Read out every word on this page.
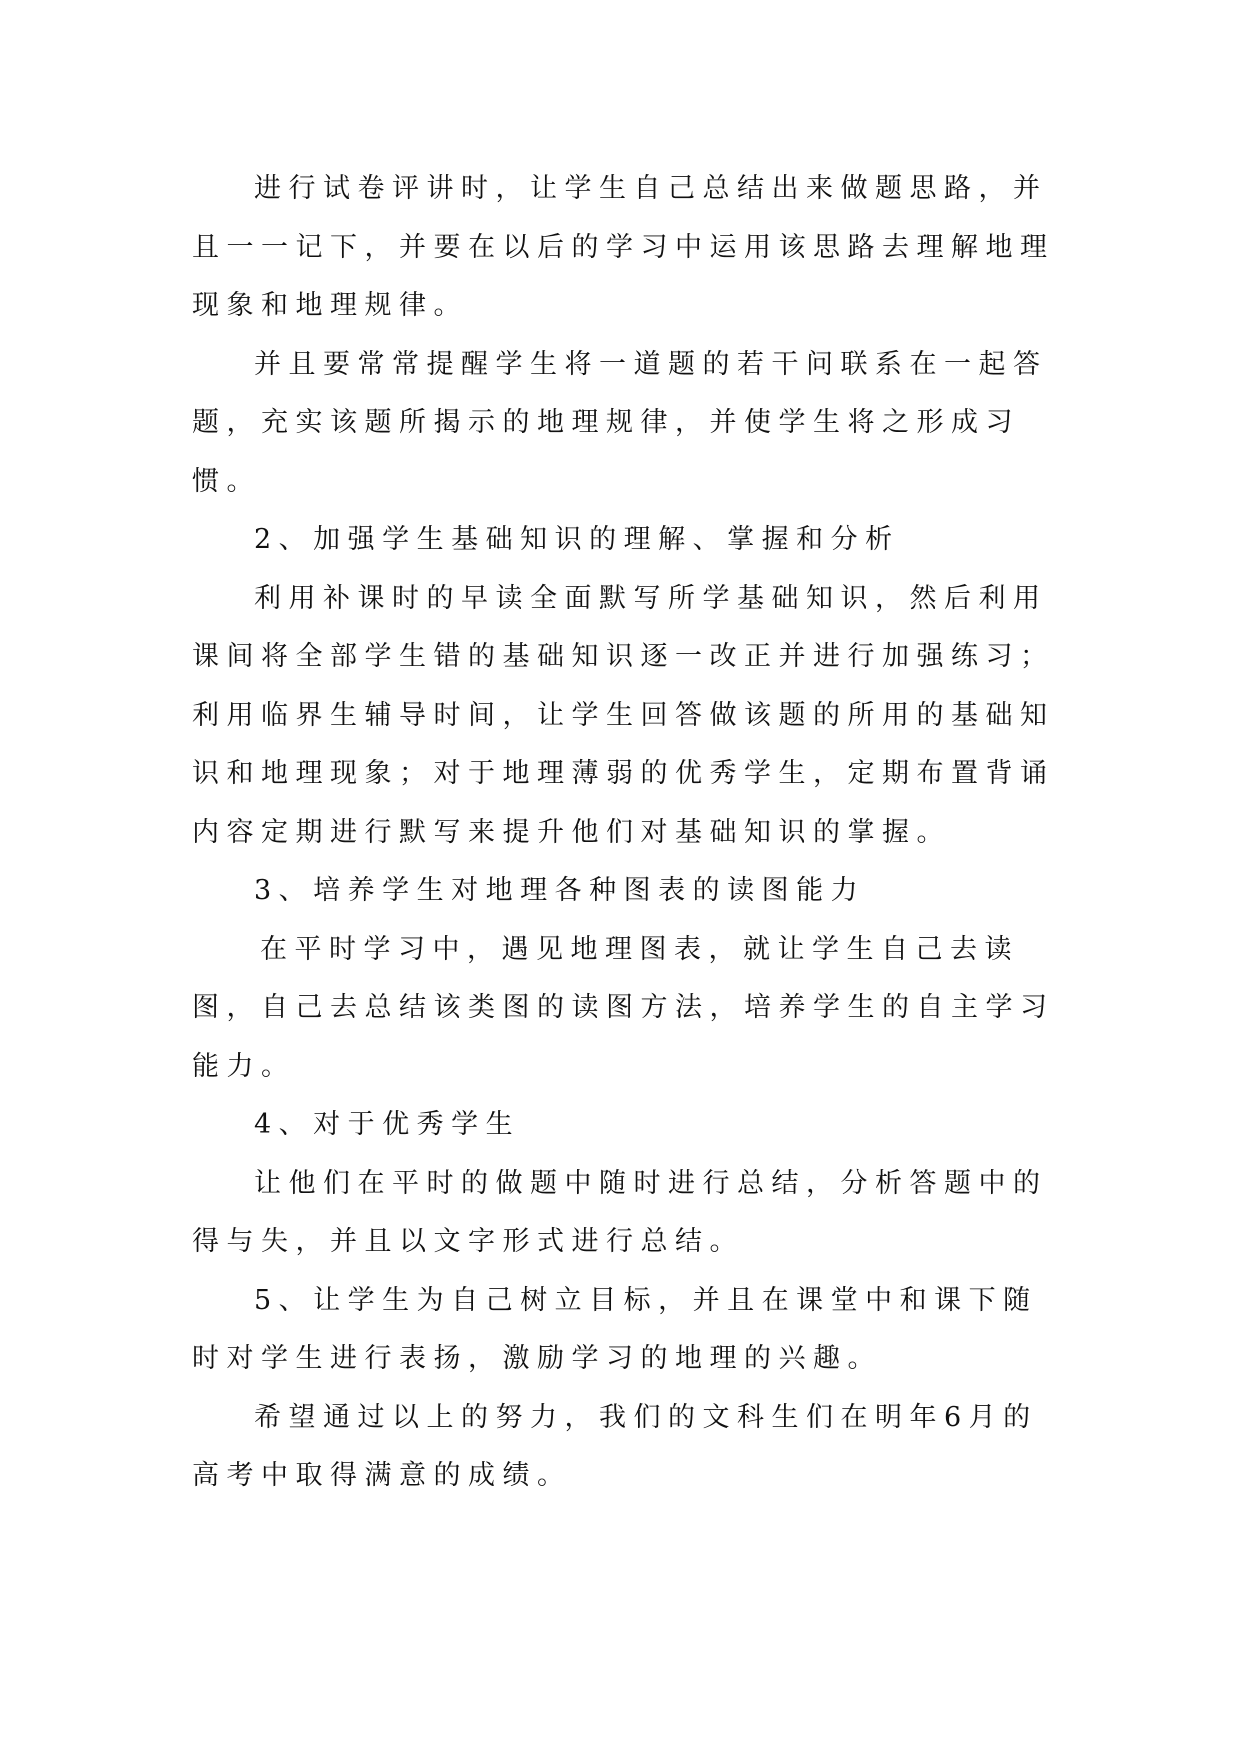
进行试卷评讲时，让学生自己总结出来做题思路，并且一一记下，并要在以后的学习中运用该思路去理解地理现象和地理规律。

并且要常常提醒学生将一道题的若干问联系在一起答题，充实该题所揭示的地理规律，并使学生将之形成习惯。

2、加强学生基础知识的理解、掌握和分析

利用补课时的早读全面默写所学基础知识，然后利用课间将全部学生错的基础知识逐一改正并进行加强练习；利用临界生辅导时间，让学生回答做该题的所用的基础知识和地理现象；对于地理薄弱的优秀学生，定期布置背诵内容定期进行默写来提升他们对基础知识的掌握。

3、培养学生对地理各种图表的读图能力

在平时学习中，遇见地理图表，就让学生自己去读图，自己去总结该类图的读图方法，培养学生的自主学习能力。

4、对于优秀学生

让他们在平时的做题中随时进行总结，分析答题中的得与失，并且以文字形式进行总结。

5、让学生为自己树立目标，并且在课堂中和课下随时对学生进行表扬，激励学习的地理的兴趣。

希望通过以上的努力，我们的文科生们在明年6月的高考中取得满意的成绩。
